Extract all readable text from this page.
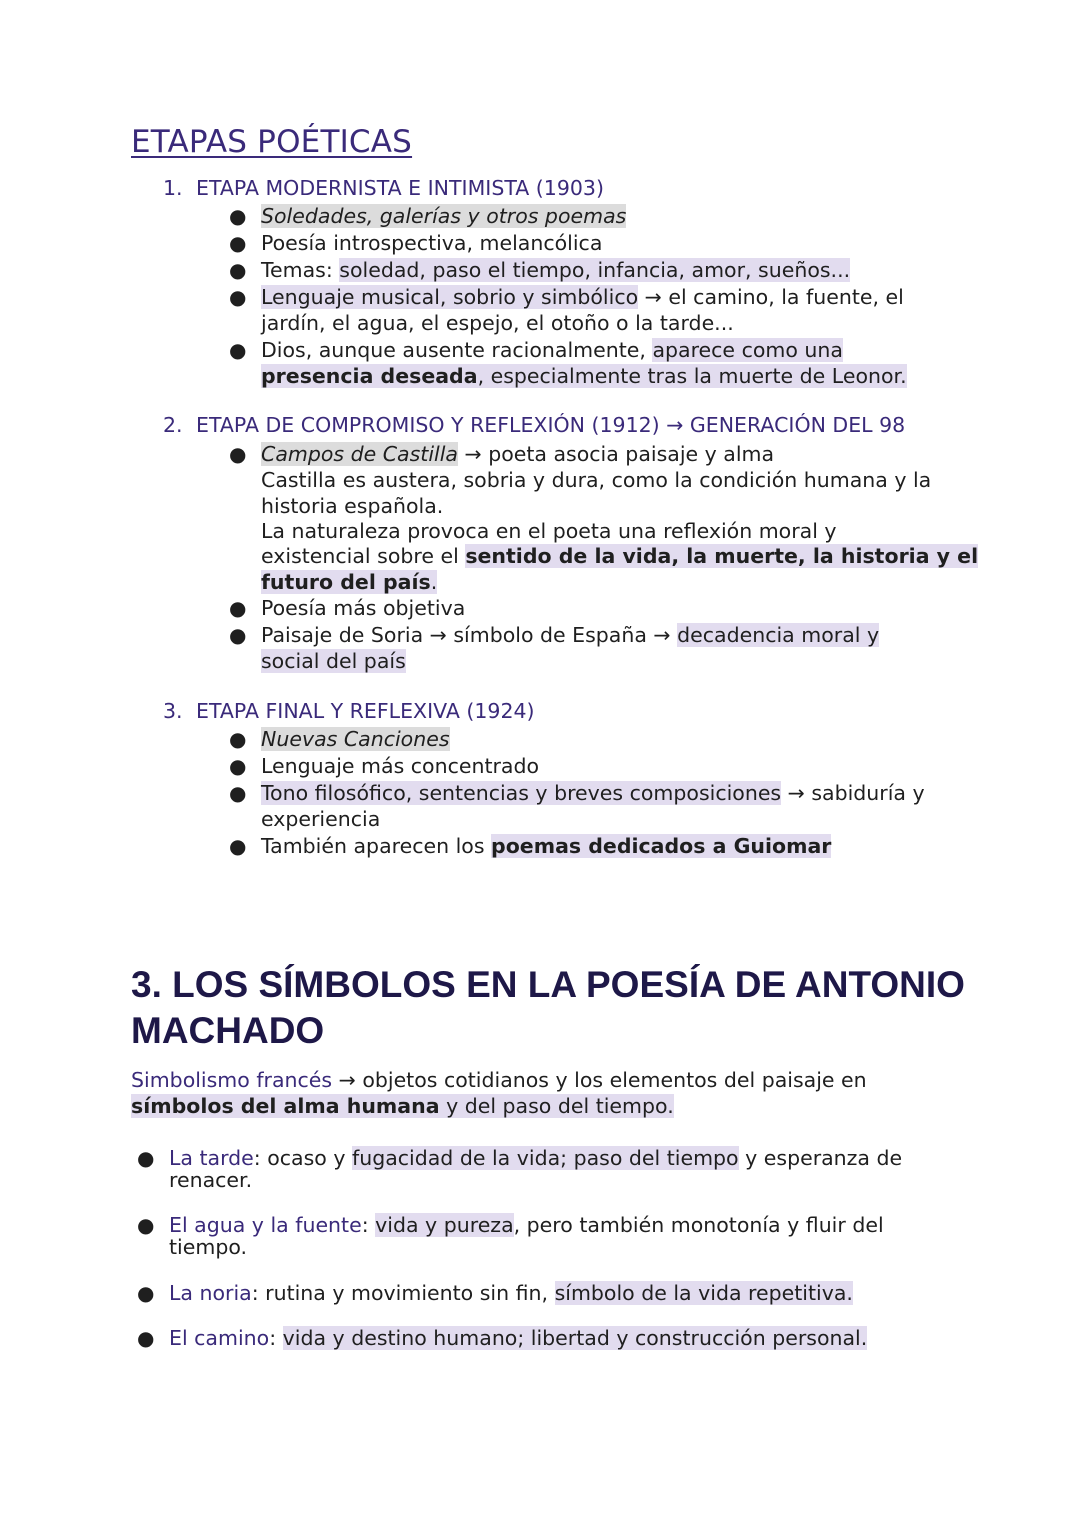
ETAPAS POÉTICAS
1. ETAPA MODERNISTA E INTIMISTA (1903)
● Soledades, galerías y otros poemas
● Poesía introspectiva, melancólica
● Temas: soledad, paso el tiempo, infancia, amor, sueños...
● Lenguaje musical, sobrio y simbólico → el camino, la fuente, el
jardín, el agua, el espejo, el otoño o la tarde...
● Dios, aunque ausente racionalmente, aparece como una
presencia deseada, especialmente tras la muerte de Leonor.
2. ETAPA DE COMPROMISO Y REFLEXIÓN (1912) → GENERACIÓN DEL 98
● Campos de Castilla → poeta asocia paisaje y alma
Castilla es austera, sobria y dura, como la condición humana y la
historia española.
La naturaleza provoca en el poeta una reflexión moral y
existencial sobre el sentido de la vida, la muerte, la historia y el
futuro del país.
● Poesía más objetiva
● Paisaje de Soria → símbolo de España → decadencia moral y
social del país
3. ETAPA FINAL Y REFLEXIVA (1924)
● Nuevas Canciones
● Lenguaje más concentrado
● Tono filosófico, sentencias y breves composiciones → sabiduría y
experiencia
● También aparecen los poemas dedicados a Guiomar
3. LOS SÍMBOLOS EN LA POESÍA DE ANTONIO
MACHADO
Simbolismo francés → objetos cotidianos y los elementos del paisaje en
símbolos del alma humana y del paso del tiempo.
● La tarde: ocaso y fugacidad de la vida; paso del tiempo y esperanza de
renacer.
● El agua y la fuente: vida y pureza, pero también monotonía y fluir del
tiempo.
● La noria: rutina y movimiento sin fin, símbolo de la vida repetitiva.
● El camino: vida y destino humano; libertad y construcción personal.
